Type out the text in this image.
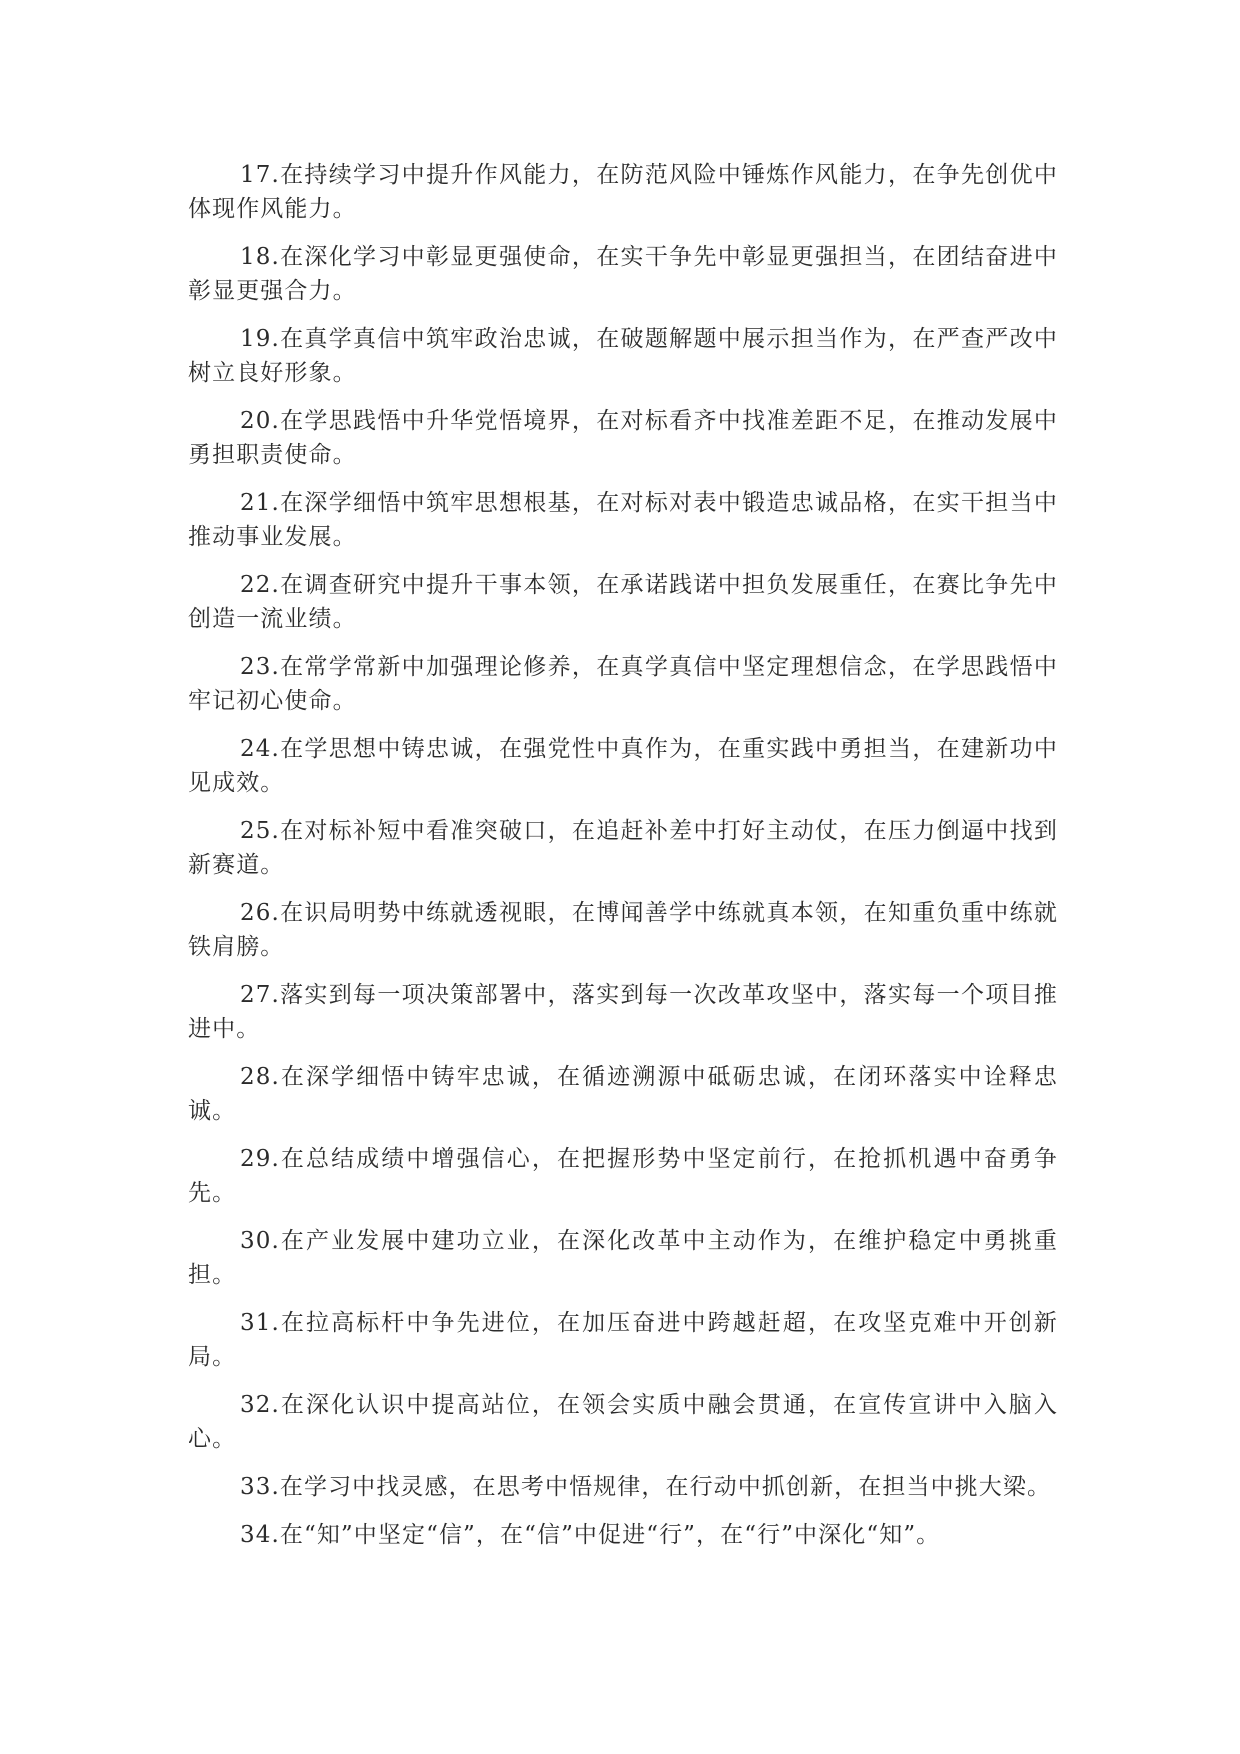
17.在持续学习中提升作风能力，在防范风险中锤炼作风能力，在争先创优中体现作风能力。

18.在深化学习中彰显更强使命，在实干争先中彰显更强担当，在团结奋进中彰显更强合力。

19.在真学真信中筑牢政治忠诚，在破题解题中展示担当作为，在严查严改中树立良好形象。

20.在学思践悟中升华党悟境界，在对标看齐中找准差距不足，在推动发展中勇担职责使命。

21.在深学细悟中筑牢思想根基，在对标对表中锻造忠诚品格，在实干担当中推动事业发展。

22.在调查研究中提升干事本领，在承诺践诺中担负发展重任，在赛比争先中创造一流业绩。

23.在常学常新中加强理论修养，在真学真信中坚定理想信念，在学思践悟中牢记初心使命。

24.在学思想中铸忠诚，在强党性中真作为，在重实践中勇担当，在建新功中见成效。

25.在对标补短中看准突破口，在追赶补差中打好主动仗，在压力倒逼中找到新赛道。

26.在识局明势中练就透视眼，在博闻善学中练就真本领，在知重负重中练就铁肩膀。

27.落实到每一项决策部署中，落实到每一次改革攻坚中，落实每一个项目推进中。

28.在深学细悟中铸牢忠诚，在循迹溯源中砥砺忠诚，在闭环落实中诠释忠诚。

29.在总结成绩中增强信心，在把握形势中坚定前行，在抢抓机遇中奋勇争先。

30.在产业发展中建功立业，在深化改革中主动作为，在维护稳定中勇挑重担。

31.在拉高标杆中争先进位，在加压奋进中跨越赶超，在攻坚克难中开创新局。

32.在深化认识中提高站位，在领会实质中融会贯通，在宣传宣讲中入脑入心。

33.在学习中找灵感，在思考中悟规律，在行动中抓创新，在担当中挑大梁。

34.在“知”中坚定“信”，在“信”中促进“行”，在“行”中深化“知”。
